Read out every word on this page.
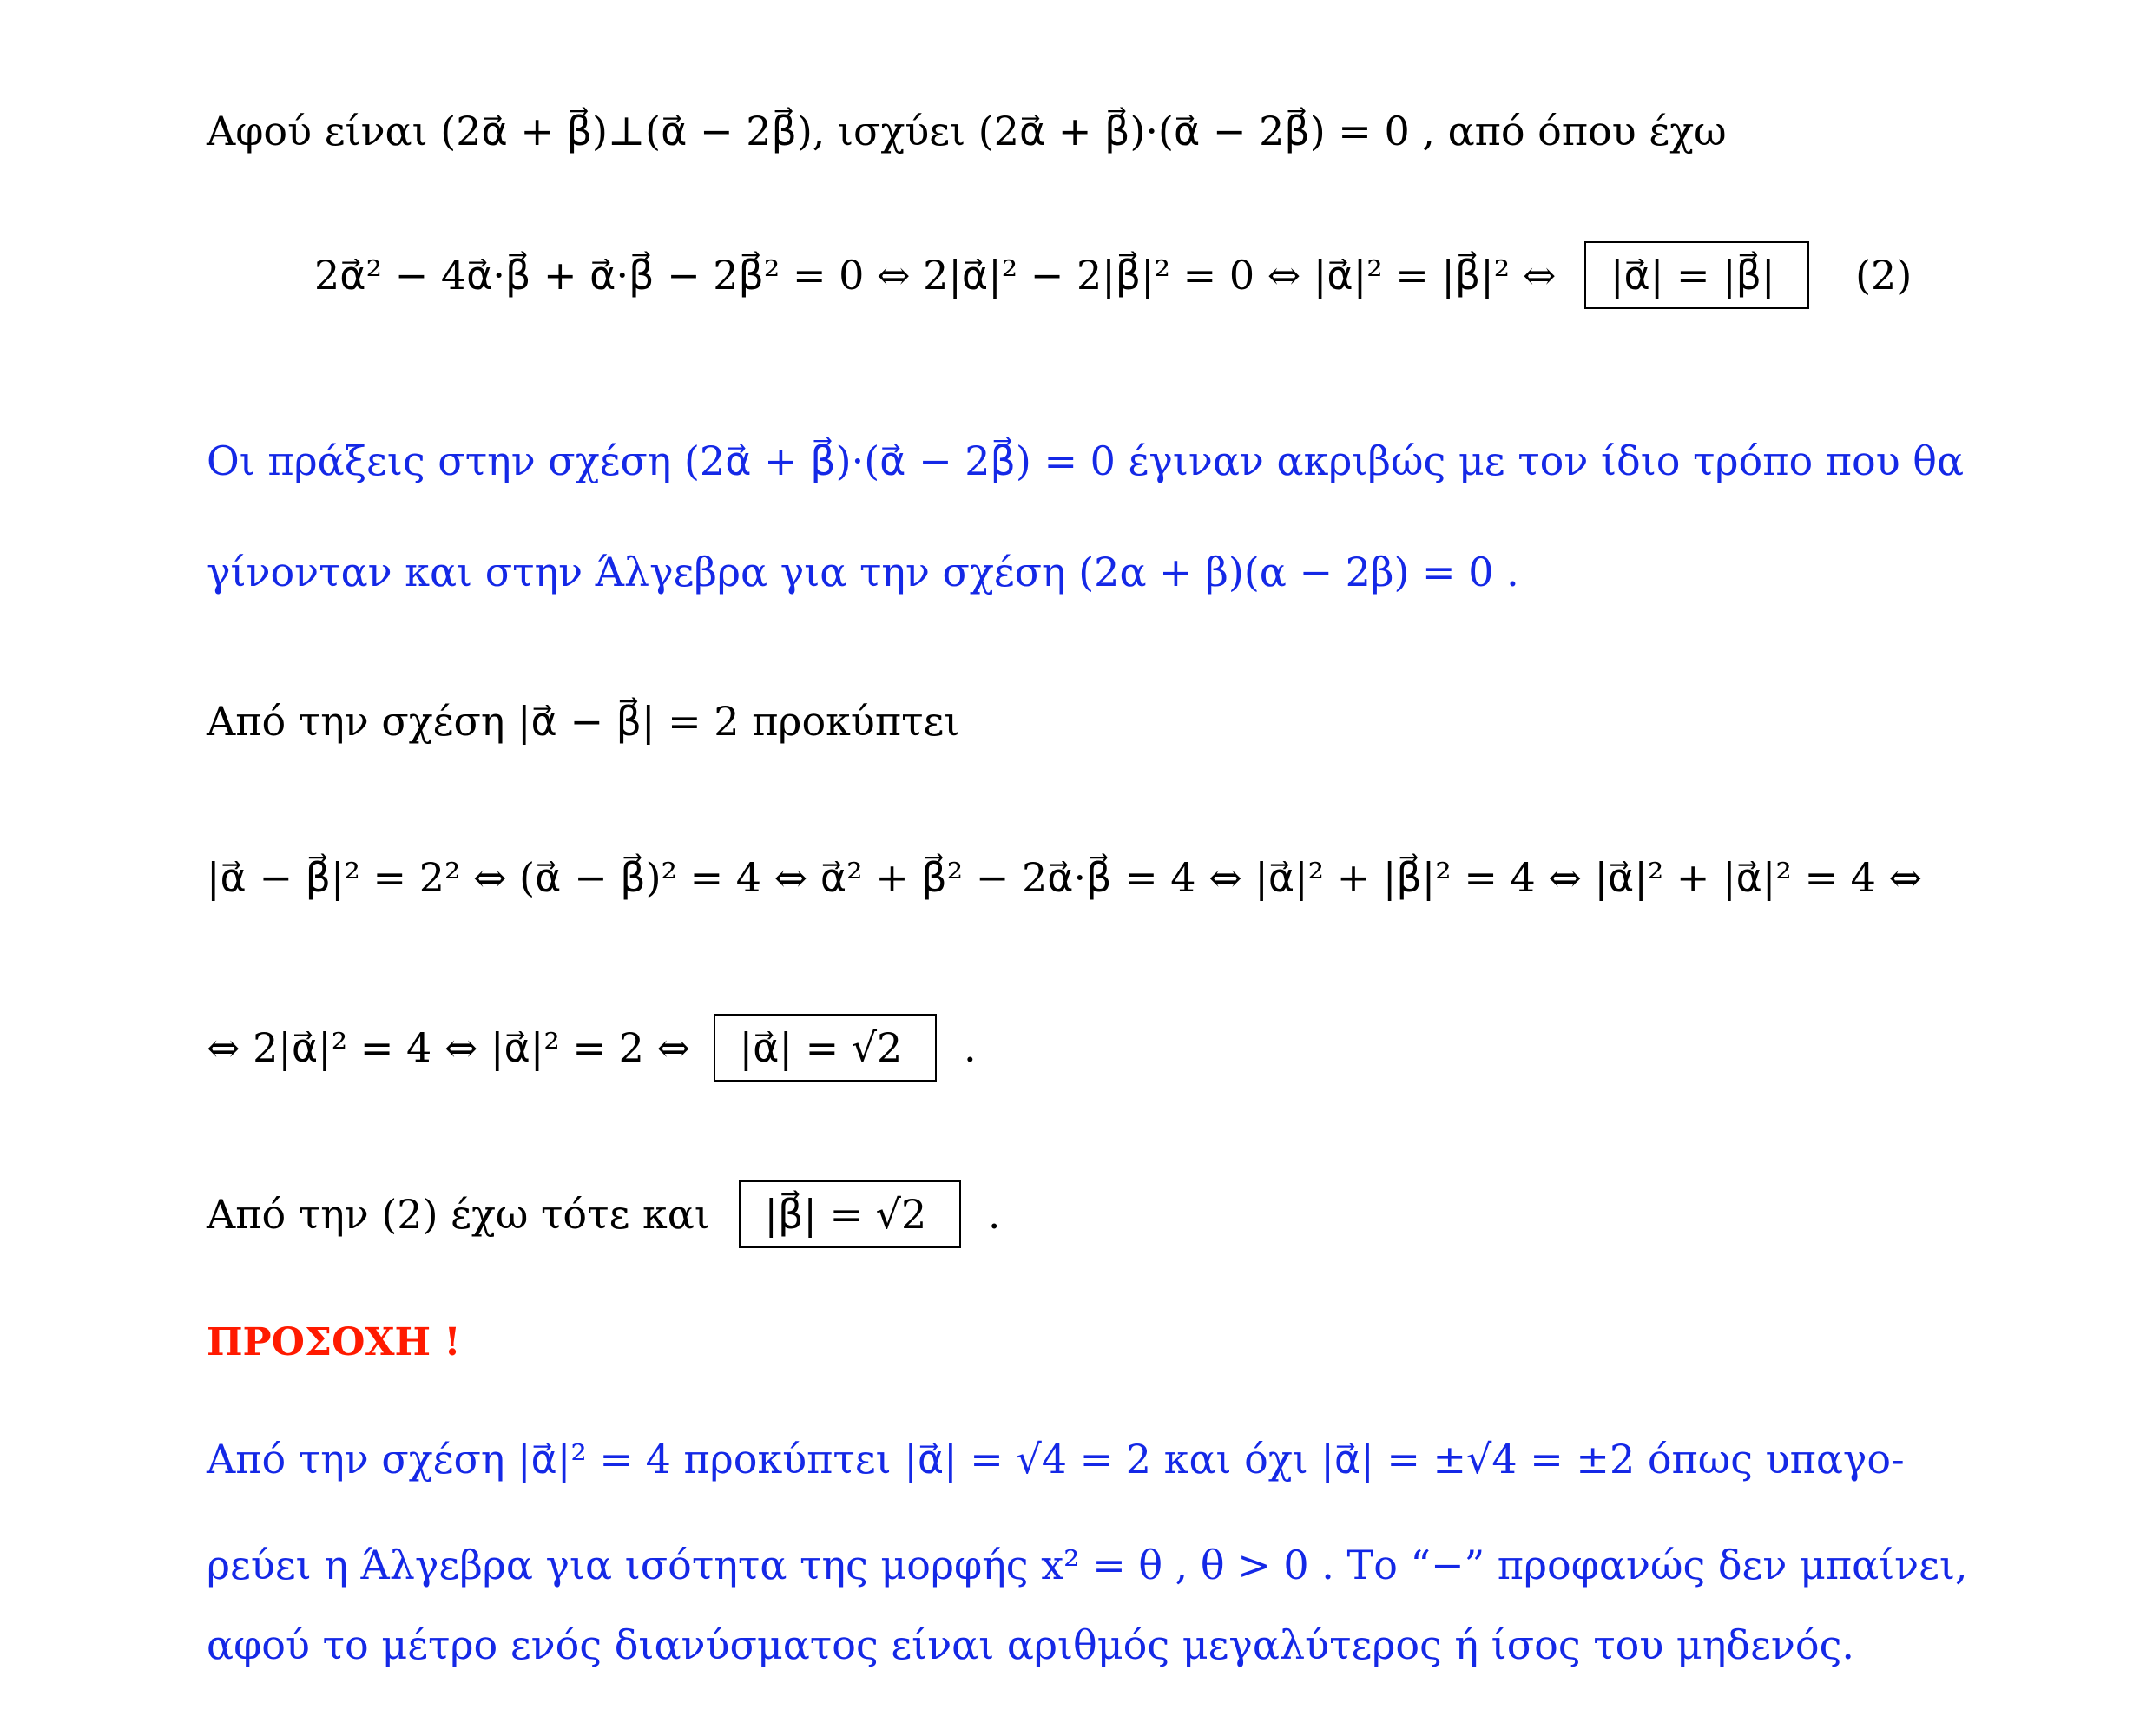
Αφού είναι (2α⃗ + β⃗)⊥(α⃗ − 2β⃗), ισχύει (2α⃗ + β⃗)·(α⃗ − 2β⃗) = 0 , από όπου έχω
2α⃗² − 4α⃗·β⃗ + α⃗·β⃗ − 2β⃗² = 0 ⇔ 2|α⃗|² − 2|β⃗|² = 0 ⇔ |α⃗|² = |β⃗|² ⇔ |α⃗| = |β⃗| (2)
Οι πράξεις στην σχέση (2α⃗ + β⃗)·(α⃗ − 2β⃗) = 0 έγιναν ακριβώς με τον ίδιο τρόπο που θα
γίνονταν και στην Άλγεβρα για την σχέση (2α + β)(α − 2β) = 0 .
Από την σχέση |α⃗ − β⃗| = 2 προκύπτει
|α⃗ − β⃗|² = 2² ⇔ (α⃗ − β⃗)² = 4 ⇔ α⃗² + β⃗² − 2α⃗·β⃗ = 4 ⇔ |α⃗|² + |β⃗|² = 4 ⇔ |α⃗|² + |α⃗|² = 4 ⇔
⇔ 2|α⃗|² = 4 ⇔ |α⃗|² = 2 ⇔ |α⃗| = √2 .
Από την (2) έχω τότε και |β⃗| = √2 .
ΠΡΟΣΟΧΗ !
Από την σχέση |α⃗|² = 4 προκύπτει |α⃗| = √4 = 2 και όχι |α⃗| = ±√4 = ±2 όπως υπαγο-
ρεύει η Άλγεβρα για ισότητα της μορφής x² = θ , θ > 0 . Το “−” προφανώς δεν μπαίνει,
αφού το μέτρο ενός διανύσματος είναι αριθμός μεγαλύτερος ή ίσος του μηδενός.
